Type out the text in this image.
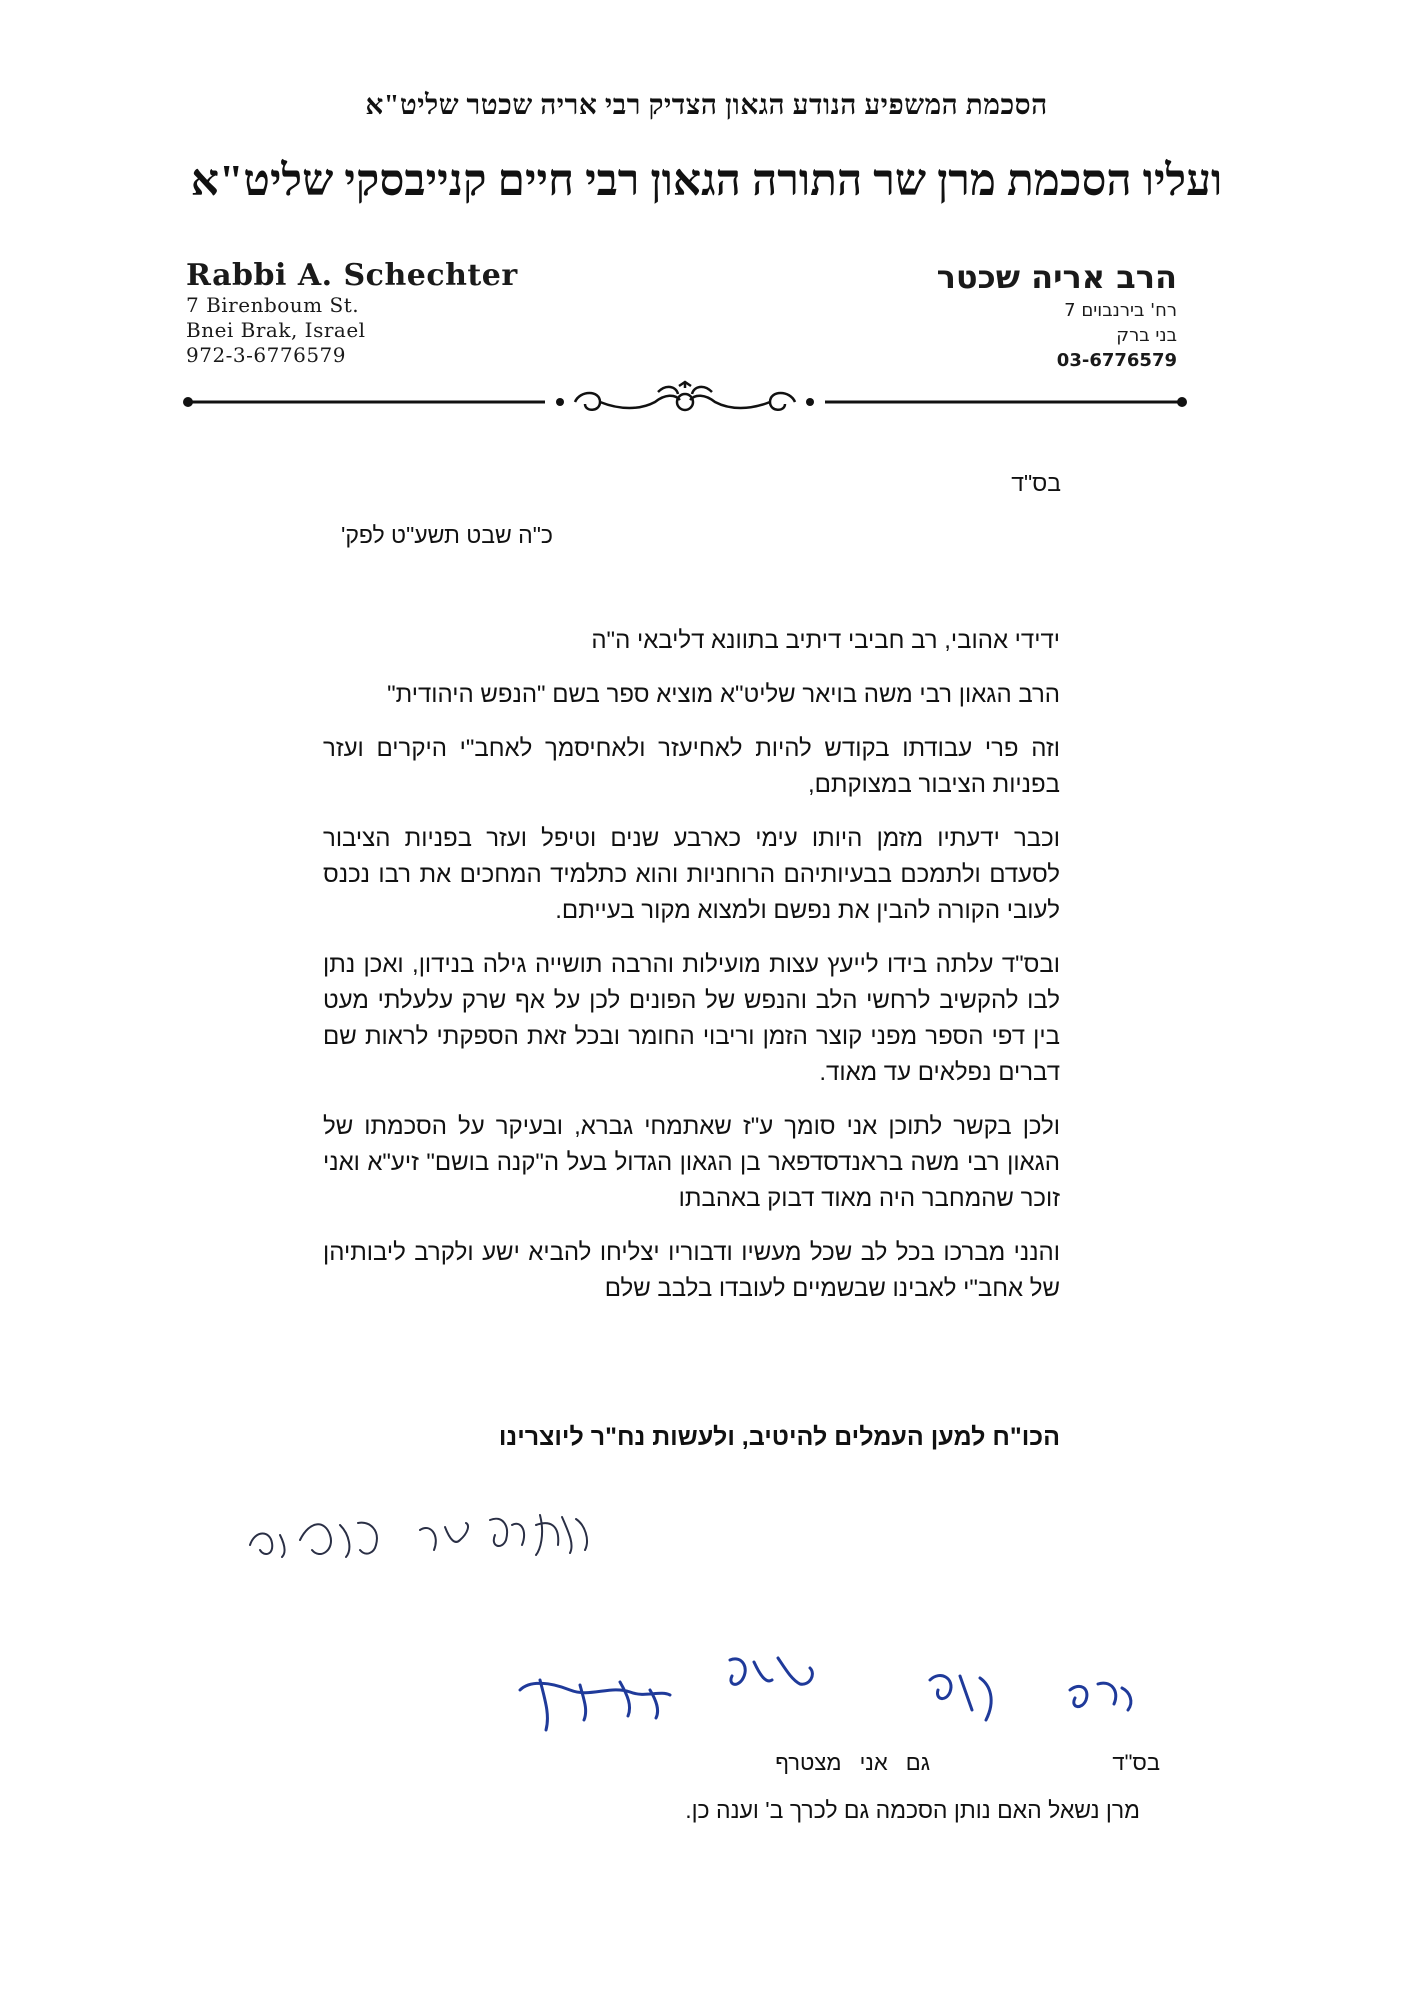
הסכמת המשפיע הנודע הגאון הצדיק רבי אריה שכטר שליט"א
ועליו הסכמת מרן שר התורה הגאון רבי חיים קנייבסקי שליט"א
Rabbi A. Schechter
7 Birenboum St.
Bnei Brak, Israel
972-3-6776579
הרב אריה שכטר
רח' בירנבוים 7
בני ברק
03-6776579
בס"ד
כ"ה שבט תשע"ט לפק'

ידידי אהובי, רב חביבי דיתיב בתוונא דליבאי ה"ה

הרב הגאון רבי משה בויאר שליט"א מוציא ספר בשם "הנפש היהודית"

וזה פרי עבודתו בקודש להיות לאחיעזר ולאחיסמך לאחב"י היקרים ועזר בפניות הציבור במצוקתם,

וכבר ידעתיו מזמן היותו עימי כארבע שנים וטיפל ועזר בפניות הציבור לסעדם ולתמכם בבעיותיהם הרוחניות והוא כתלמיד המחכים את רבו נכנס לעובי הקורה להבין את נפשם ולמצוא מקור בעייתם.

ובס"ד עלתה בידו לייעץ עצות מועילות והרבה תושייה גילה בנידון, ואכן נתן לבו להקשיב לרחשי הלב והנפש של הפונים לכן על אף שרק עלעלתי מעט בין דפי הספר מפני קוצר הזמן וריבוי החומר ובכל זאת הספקתי לראות שם דברים נפלאים עד מאוד.

ולכן בקשר לתוכן אני סומך ע"ז שאתמחי גברא, ובעיקר על הסכמתו של הגאון רבי משה בראנדסדפאר בן הגאון הגדול בעל ה"קנה בושם" זיע"א ואני זוכר שהמחבר היה מאוד דבוק באהבתו

והנני מברכו בכל לב שכל מעשיו ודבוריו יצליחו להביא ישע ולקרב ליבותיהן של אחב"י לאבינו שבשמיים לעובדו בלבב שלם

הכו"ח למען העמלים להיטיב, ולעשות נח"ר ליוצרינו
בס"ד
גם אני מצטרף
מרן נשאל האם נותן הסכמה גם לכרך ב' וענה כן.
